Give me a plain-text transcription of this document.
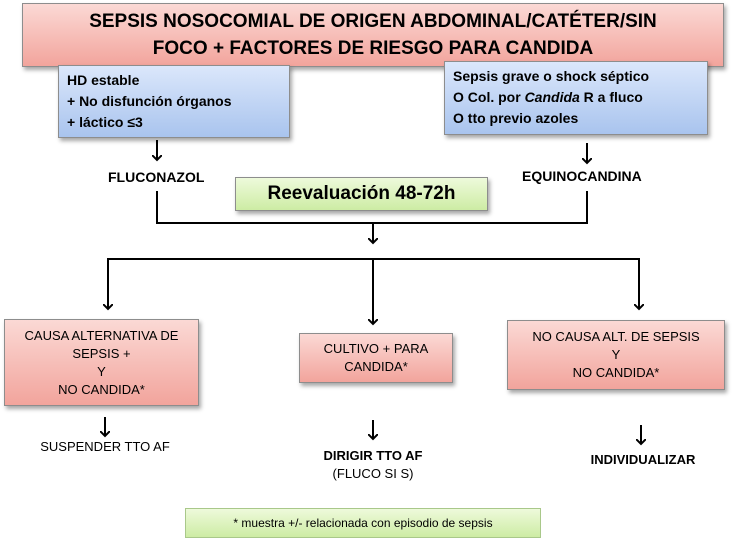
SEPSIS NOSOCOMIAL DE ORIGEN ABDOMINAL/CATÉTER/SIN
FOCO + FACTORES DE RIESGO PARA CANDIDA
HD estable
+ No disfunción órganos
+ láctico ≤3
Sepsis grave o shock séptico
O Col. por Candida R a fluco
O tto previo azoles
FLUCONAZOL	EQUINOCANDINA
Reevaluación 48-72h
CAUSA ALTERNATIVA DE
SEPSIS +
Y
NO CANDIDA*
CULTIVO + PARA
CANDIDA*
NO CAUSA ALT. DE SEPSIS
Y
NO CANDIDA*
SUSPENDER TTO AF
DIRIGIR TTO AF
(FLUCO SI S)
INDIVIDUALIZAR
* muestra +/- relacionada con episodio de sepsis
